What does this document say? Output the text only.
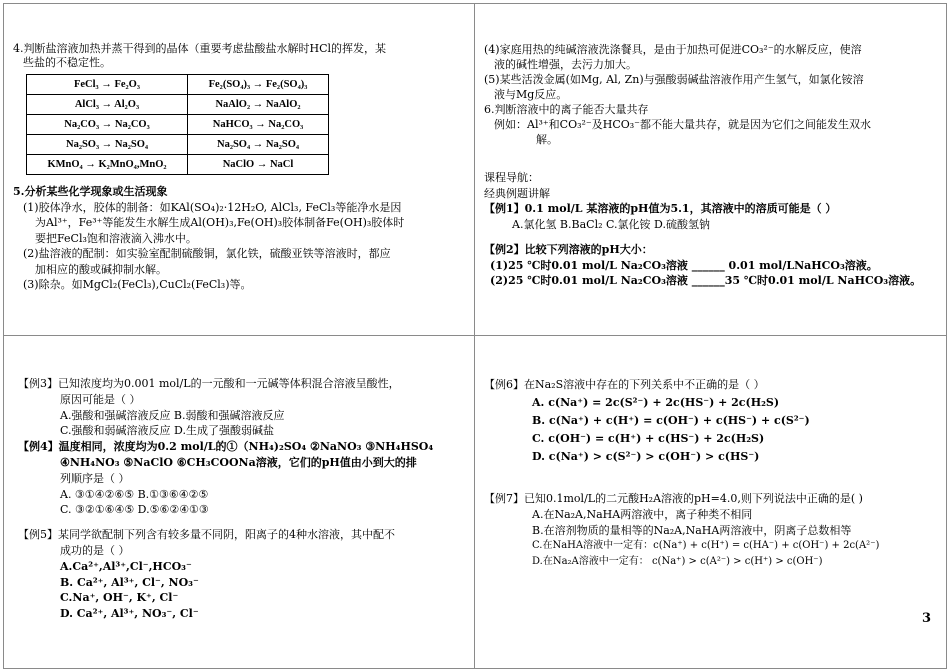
4.判断盐溶液加热并蒸干得到的晶体（重要考虑盐酸盐水解时HCl的挥发，某
些盐的不稳定性。
FeCl₃ → Fe₂O₃	Fe₂(SO₄)₃ → Fe₂(SO₄)₃
AlCl₃ → Al₂O₃	NaAlO₂ → NaAlO₂
Na₂CO₃ → Na₂CO₃	NaHCO₃ → Na₂CO₃
Na₂SO₃ → Na₂SO₄	Na₂SO₄ → Na₂SO₄
KMnO₄ → K₂MnO₄,MnO₂	NaClO → NaCl
5.分析某些化学现象或生活现象
(1)胶体净水，胶体的制备：如KAl(SO₄)₂·12H₂O, AlCl₃, FeCl₃等能净水是因
为Al³⁺，Fe³⁺等能发生水解生成Al(OH)₃,Fe(OH)₃胶体制备Fe(OH)₃胶体时
要把FeCl₃饱和溶液滴入沸水中。
(2)盐溶液的配制：如实验室配制硫酸铜，氯化铁，硫酸亚铁等溶液时，都应
加相应的酸或碱抑制水解。
(3)除杂。如MgCl₂(FeCl₃),CuCl₂(FeCl₃)等。
(4)家庭用热的纯碱溶液洗涤餐具，是由于加热可促进CO₃²⁻的水解反应，使溶
液的碱性增强，去污力加大。
(5)某些活泼金属(如Mg, Al, Zn)与强酸弱碱盐溶液作用产生氢气，如氯化铵溶
液与Mg反应。
6.判断溶液中的离子能否大量共存
例如：Al³⁺和CO₃²⁻及HCO₃⁻都不能大量共存，就是因为它们之间能发生双水
解。
课程导航：
经典例题讲解
【例1】0.1 mol/L 某溶液的pH值为5.1，其溶液中的溶质可能是（ ）
A.氯化氢 B.BaCl₂ C.氯化铵 D.硫酸氢钠
【例2】比较下列溶液的pH大小：
(1)25 ℃时0.01 mol/L Na₂CO₃溶液 ______ 0.01 mol/LNaHCO₃溶液。
(2)25 ℃时0.01 mol/L Na₂CO₃溶液 ______35 ℃时0.01 mol/L NaHCO₃溶液。
【例3】已知浓度均为0.001 mol/L的一元酸和一元碱等体积混合溶液呈酸性，
原因可能是（ ）
A.强酸和强碱溶液反应 B.弱酸和强碱溶液反应
C.强酸和弱碱溶液反应 D.生成了强酸弱碱盐
【例4】温度相同，浓度均为0.2 mol/L的①（NH₄)₂SO₄ ②NaNO₃ ③NH₄HSO₄
④NH₄NO₃ ⑤NaClO ⑥CH₃COONa溶液，它们的pH值由小到大的排
列顺序是（ ）
A. ③①④②⑥⑤ B.①③⑥④②⑤
C. ③②①⑥④⑤ D.⑤⑥②④①③
【例5】某同学欲配制下列含有较多量不同阴，阳离子的4种水溶液，其中配不
成功的是（ ）
A.Ca²⁺,Al³⁺,Cl⁻,HCO₃⁻
B. Ca²⁺, Al³⁺, Cl⁻, NO₃⁻
C.Na⁺, OH⁻, K⁺, Cl⁻
D. Ca²⁺, Al³⁺, NO₃⁻, Cl⁻
【例6】在Na₂S溶液中存在的下列关系中不正确的是（ ）
A. c(Na⁺) = 2c(S²⁻) + 2c(HS⁻) + 2c(H₂S)
B. c(Na⁺) + c(H⁺) = c(OH⁻) + c(HS⁻) + c(S²⁻)
C. c(OH⁻) = c(H⁺) + c(HS⁻) + 2c(H₂S)
D. c(Na⁺) > c(S²⁻) > c(OH⁻) > c(HS⁻)
【例7】已知0.1mol/L的二元酸H₂A溶液的pH=4.0,则下列说法中正确的是( )
A.在Na₂A,NaHA两溶液中，离子种类不相同
B.在溶剂物质的量相等的Na₂A,NaHA两溶液中，阴离子总数相等
C.在NaHA溶液中一定有：c(Na⁺) + c(H⁺) = c(HA⁻) + c(OH⁻) + 2c(A²⁻)
D.在Na₂A溶液中一定有： c(Na⁺) > c(A²⁻) > c(H⁺) > c(OH⁻)
3
